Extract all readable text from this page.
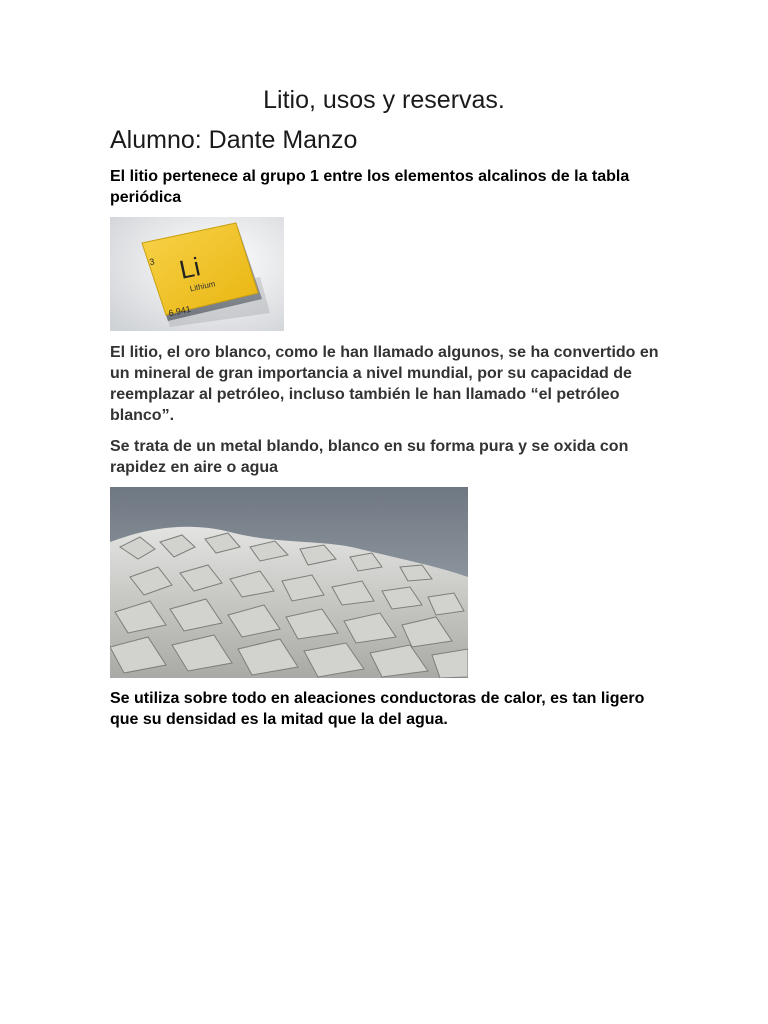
Litio, usos y reservas.
Alumno: Dante Manzo
El litio pertenece al grupo 1 entre los elementos alcalinos de la tabla periódica
3 Li
Lithium
6.941
El litio, el oro blanco, como le han llamado algunos, se ha convertido en un mineral de gran importancia a nivel mundial, por su capacidad de reemplazar al petróleo, incluso también le han llamado “el petróleo blanco”.
Se trata de un metal blando, blanco en su forma pura y se oxida con rapidez en aire o agua
Se utiliza sobre todo en aleaciones conductoras de calor, es tan ligero que su densidad es la mitad que la del agua.
